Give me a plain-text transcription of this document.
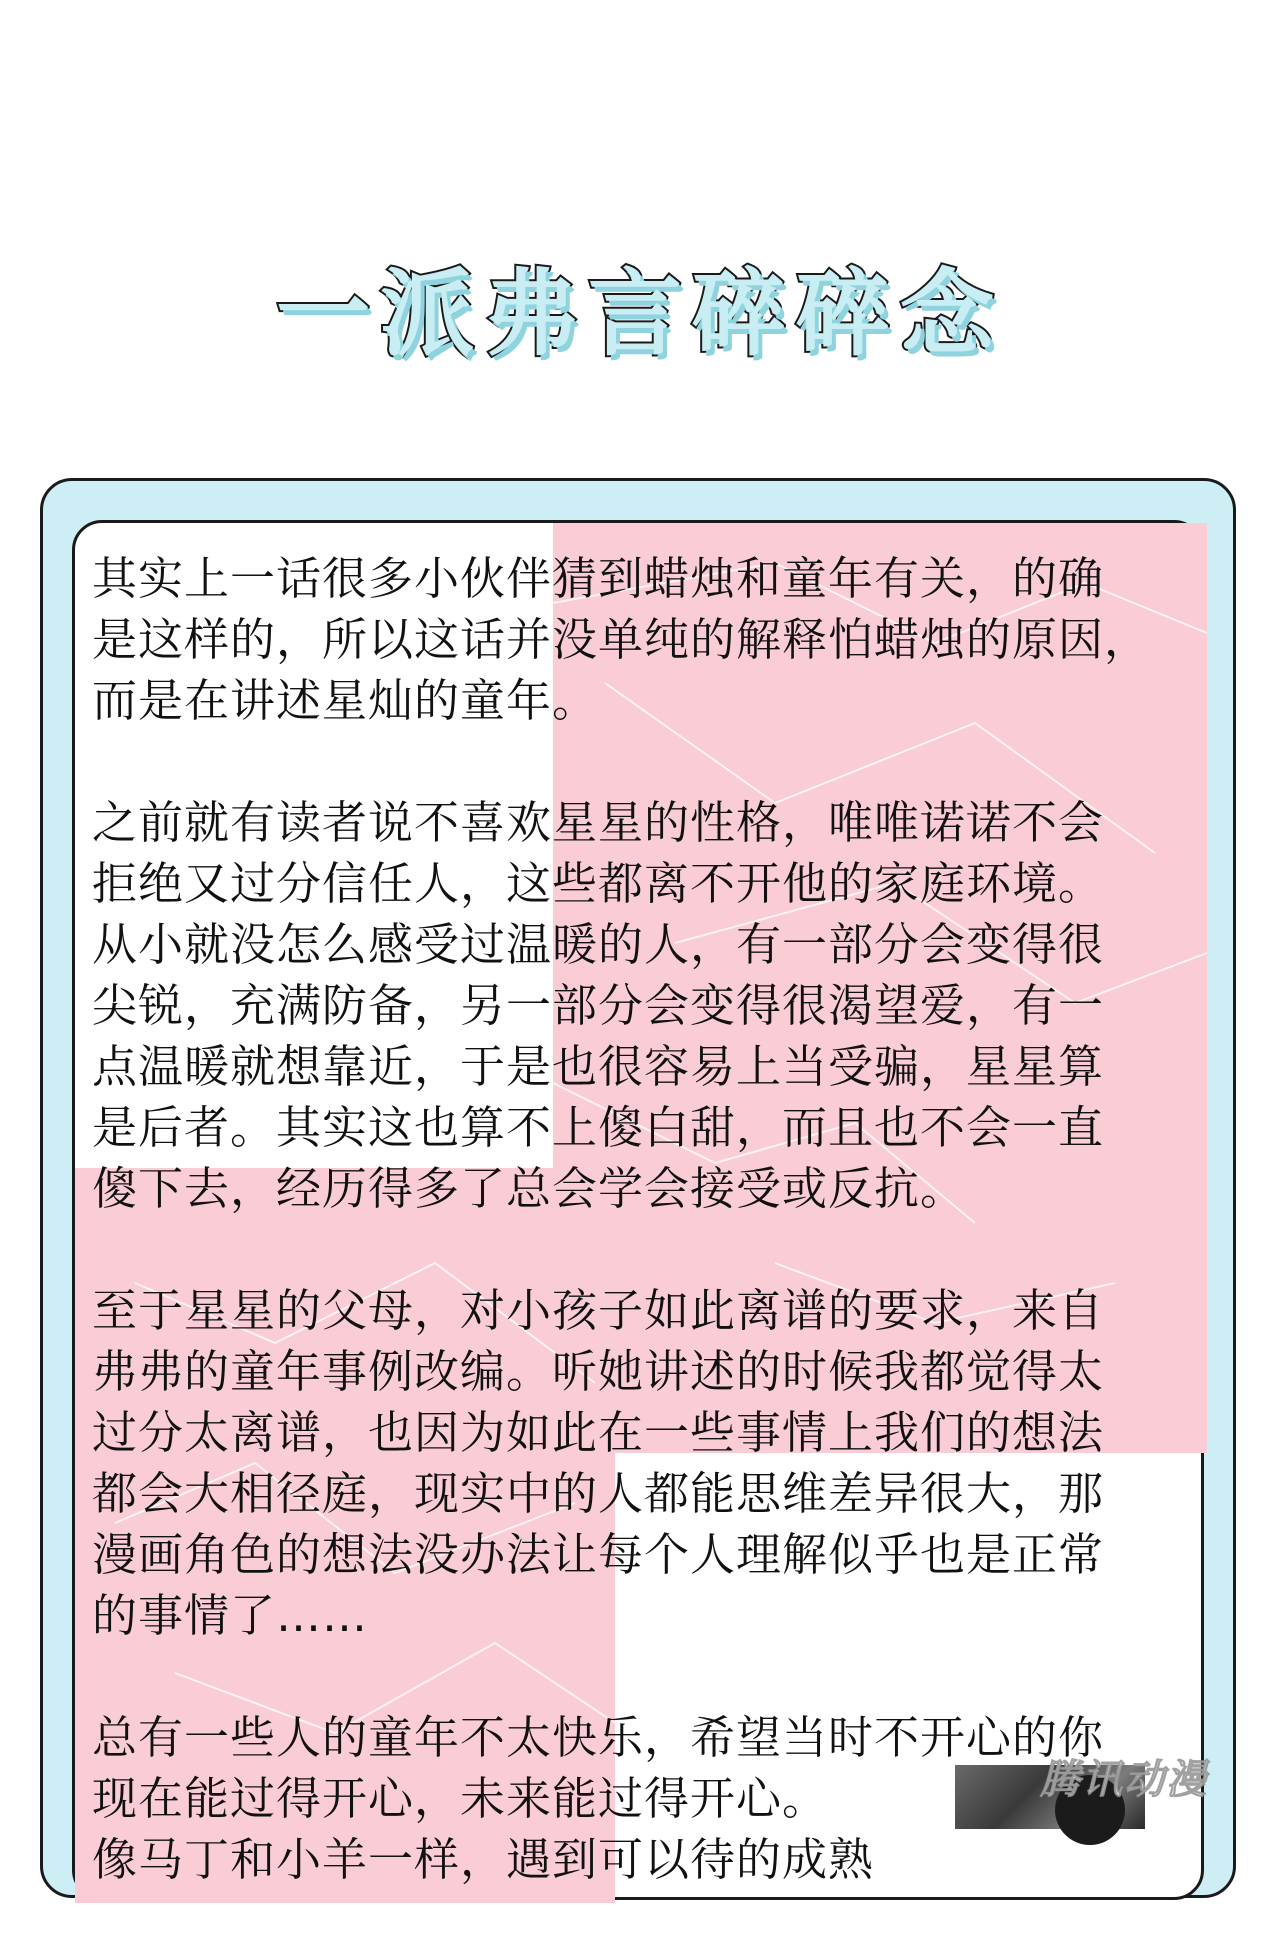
一派弗言碎碎念
其实上一话很多小伙伴猜到蜡烛和童年有关，的确
是这样的，所以这话并没单纯的解释怕蜡烛的原因，
而是在讲述星灿的童年。
之前就有读者说不喜欢星星的性格，唯唯诺诺不会
拒绝又过分信任人，这些都离不开他的家庭环境。
从小就没怎么感受过温暖的人，有一部分会变得很
尖锐，充满防备，另一部分会变得很渴望爱，有一
点温暖就想靠近，于是也很容易上当受骗，星星算
是后者。其实这也算不上傻白甜，而且也不会一直
傻下去，经历得多了总会学会接受或反抗。
至于星星的父母，对小孩子如此离谱的要求，来自
弗弗的童年事例改编。听她讲述的时候我都觉得太
过分太离谱，也因为如此在一些事情上我们的想法
都会大相径庭，现实中的人都能思维差异很大，那
漫画角色的想法没办法让每个人理解似乎也是正常
的事情了……
总有一些人的童年不太快乐，希望当时不开心的你
现在能过得开心，未来能过得开心。
像马丁和小羊一样，遇到可以待的成熟
腾讯动漫
